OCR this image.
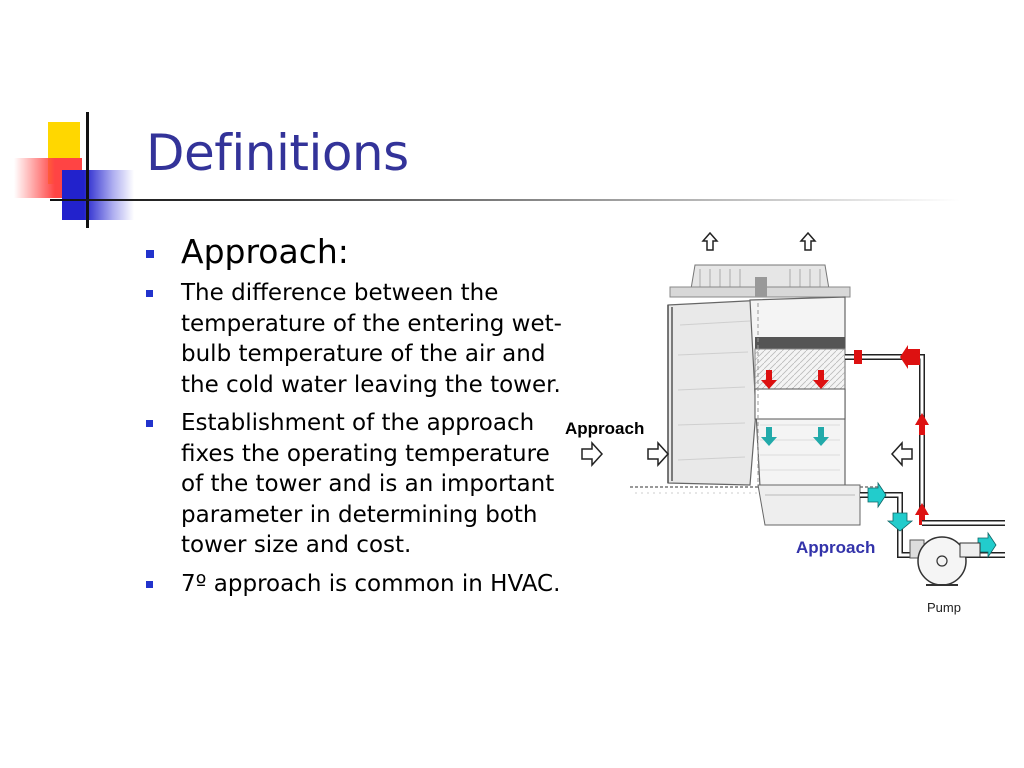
Definitions
Approach:
The difference between the temperature of the entering wet- bulb temperature of the air and the cold water leaving the tower.
Establishment of the approach fixes the operating temperature of the tower and is an important parameter in determining both tower size and cost.
7º approach is common in HVAC.
Approach
Approach
Pump
